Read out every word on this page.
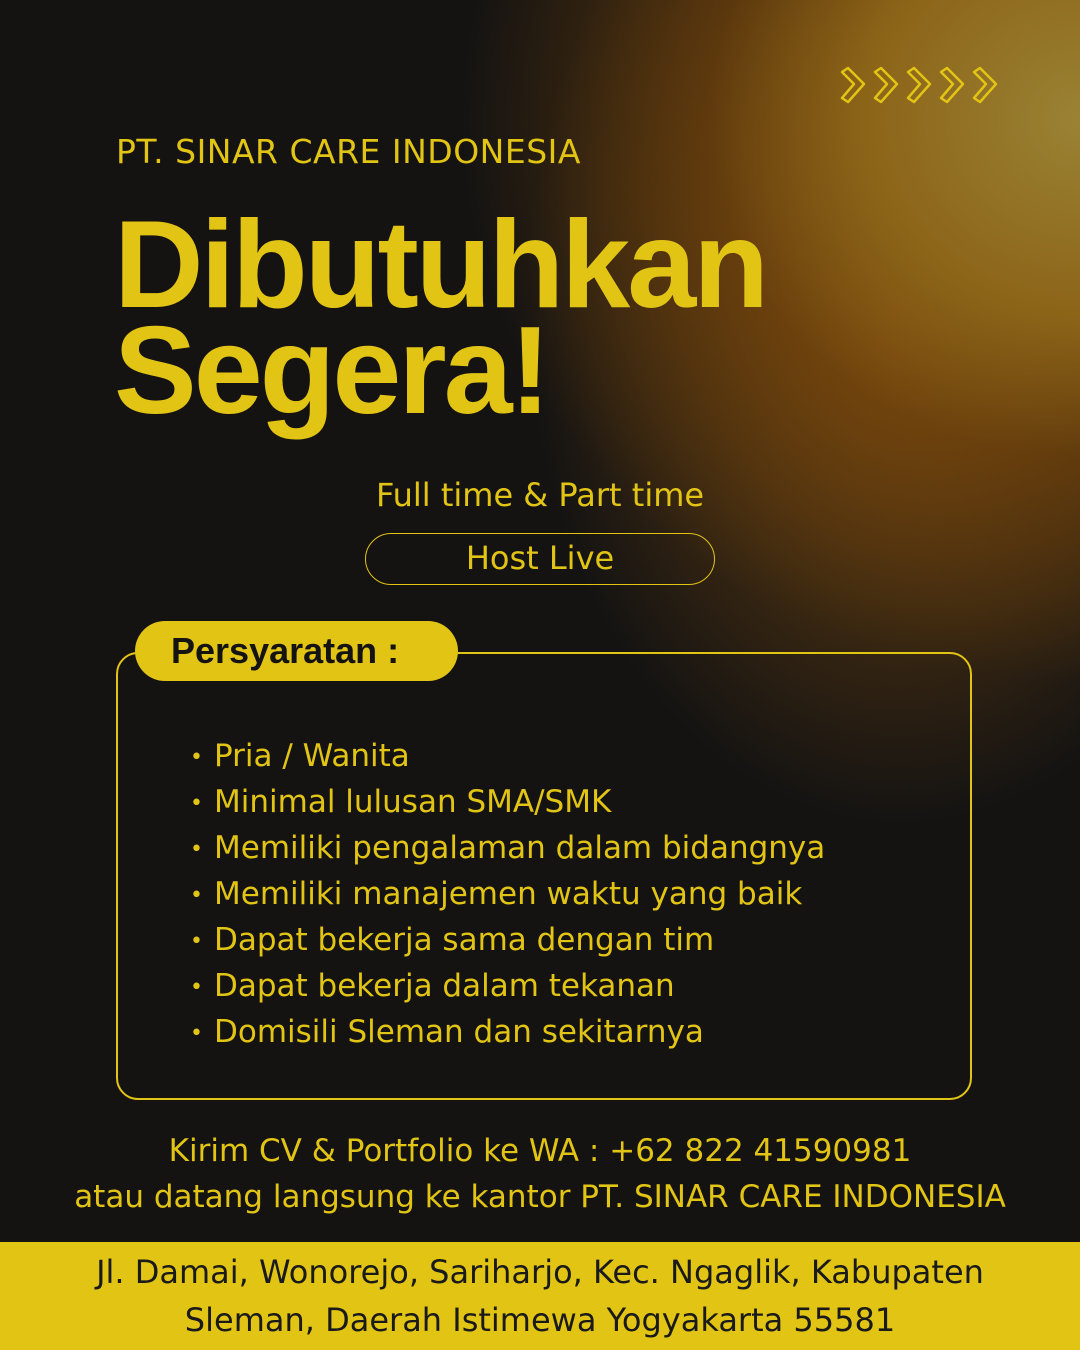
PT. SINAR CARE INDONESIA
Dibutuhkan
Segera!
Full time & Part time
Host Live
Persyaratan :
• Pria / Wanita
• Minimal lulusan SMA/SMK
• Memiliki pengalaman dalam bidangnya
• Memiliki manajemen waktu yang baik
• Dapat bekerja sama dengan tim
• Dapat bekerja dalam tekanan
• Domisili Sleman dan sekitarnya
Kirim CV & Portfolio ke WA : +62 822 41590981
atau datang langsung ke kantor PT. SINAR CARE INDONESIA
Jl. Damai, Wonorejo, Sariharjo, Kec. Ngaglik, Kabupaten
Sleman, Daerah Istimewa Yogyakarta 55581
